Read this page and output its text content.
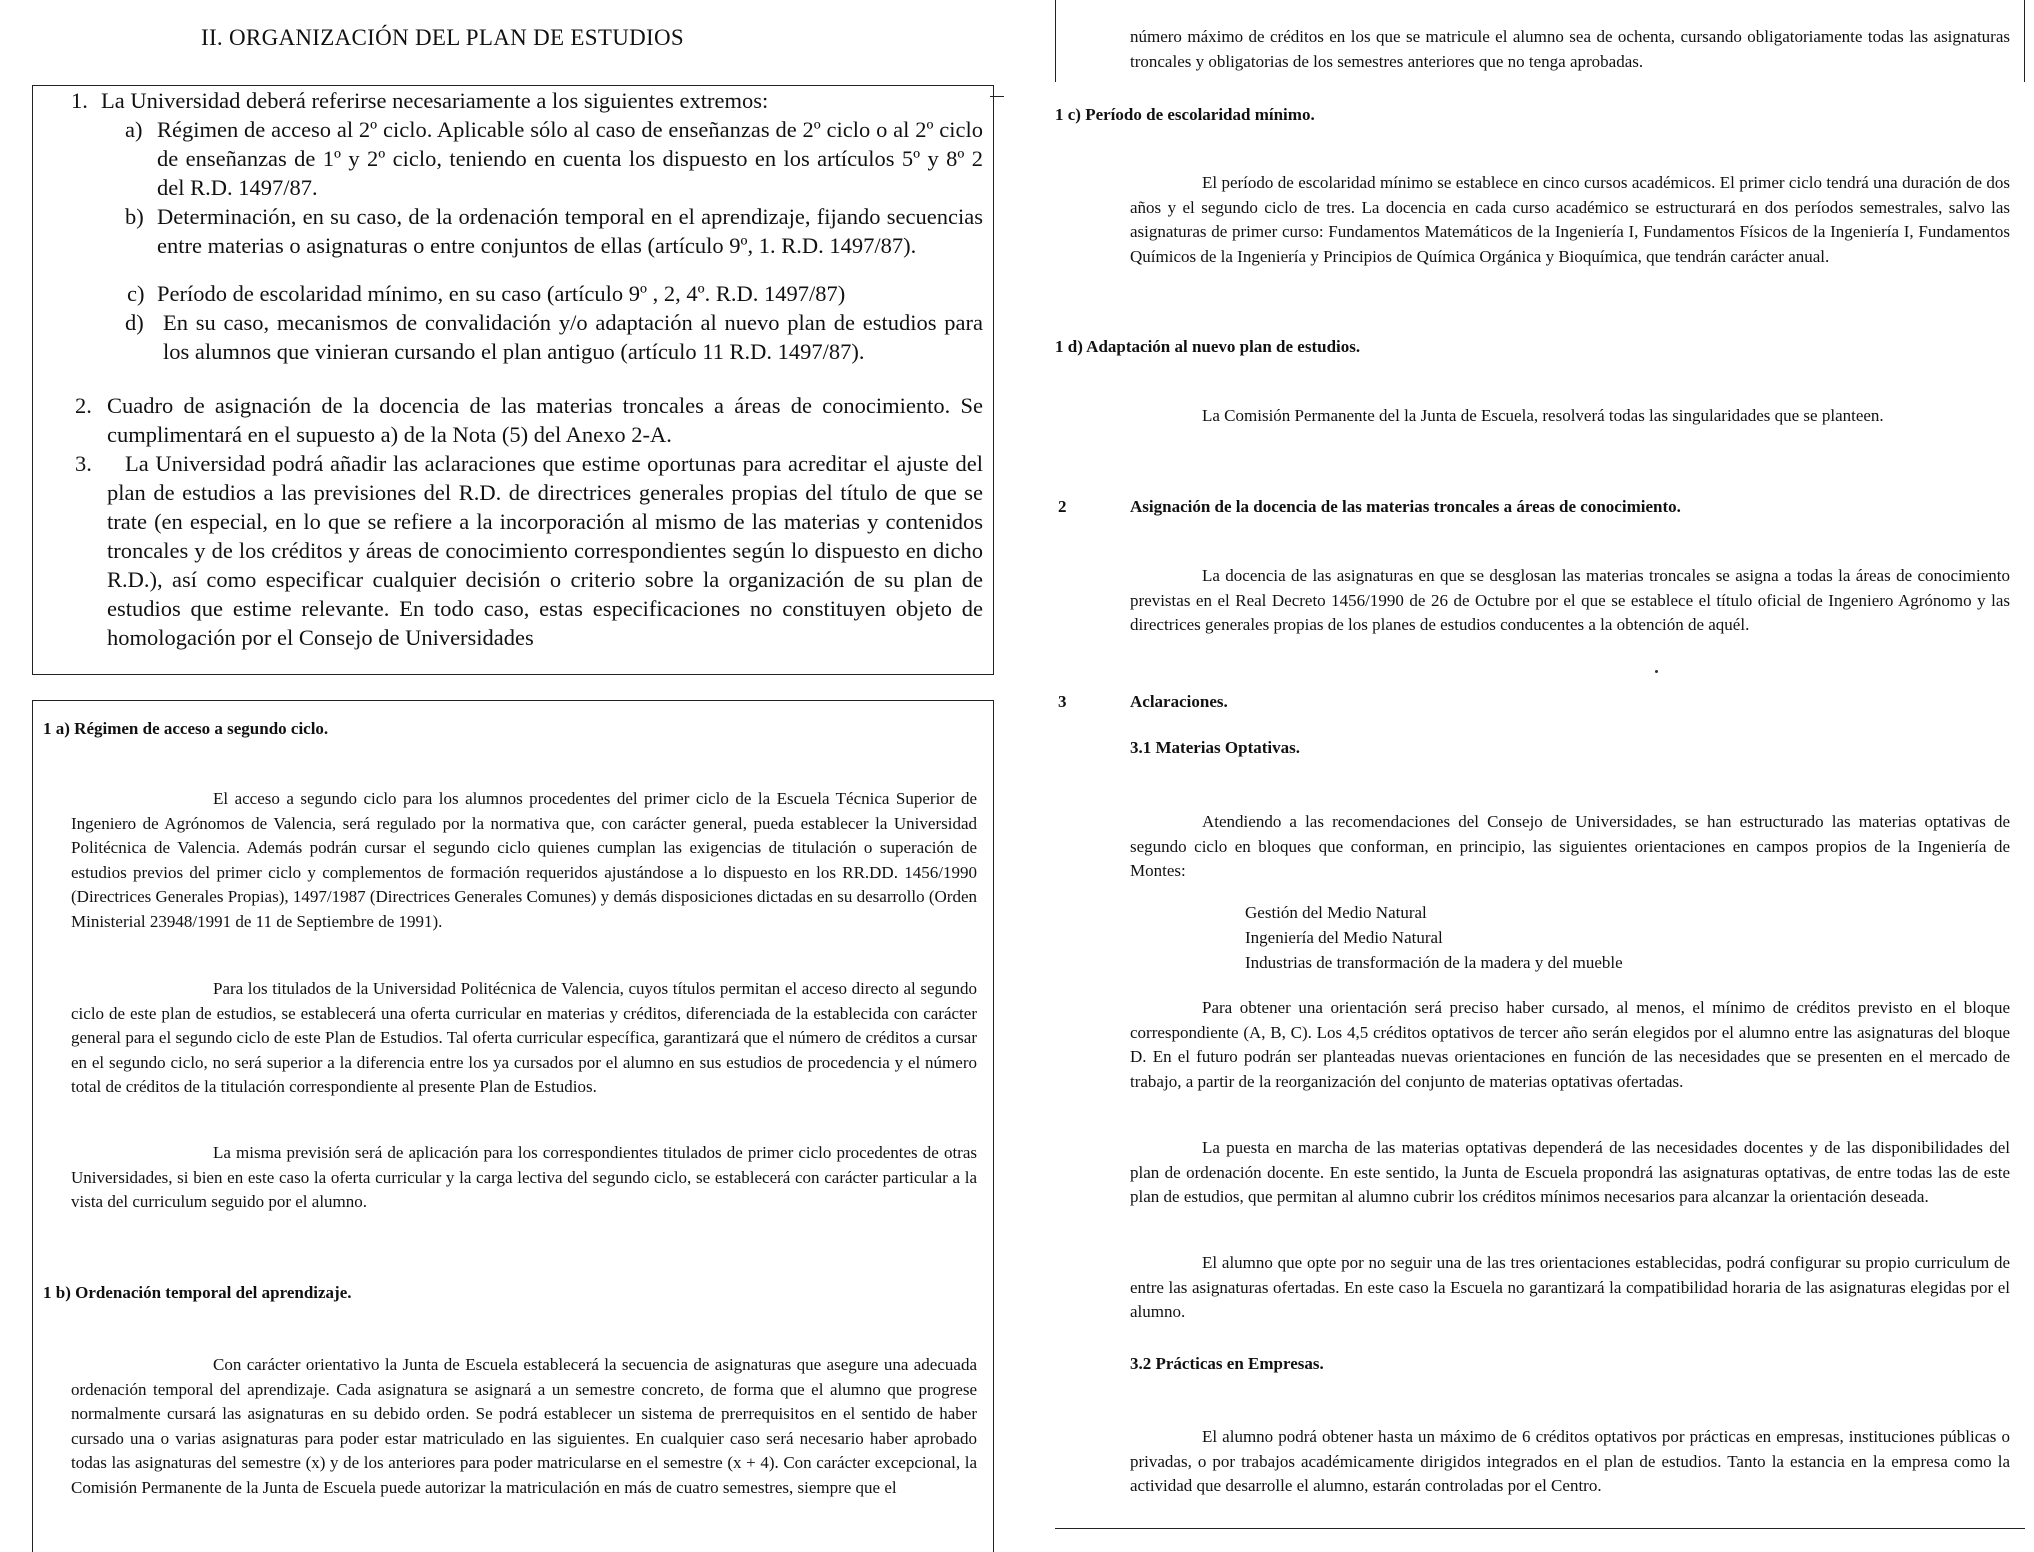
II. ORGANIZACIÓN DEL PLAN DE ESTUDIOS
1. La Universidad deberá referirse necesariamente a los siguientes extremos:
a) Régimen de acceso al 2º ciclo. Aplicable sólo al caso de enseñanzas de 2º ciclo o al 2º ciclo de enseñanzas de 1º y 2º ciclo, teniendo en cuenta los dispuesto en los artículos 5º y 8º 2 del R.D. 1497/87.
b) Determinación, en su caso, de la ordenación temporal en el aprendizaje, fijando secuencias entre materias o asignaturas o entre conjuntos de ellas (artículo 9º, 1. R.D. 1497/87).
c) Período de escolaridad mínimo, en su caso (artículo 9º , 2, 4º. R.D. 1497/87)
d) En su caso, mecanismos de convalidación y/o adaptación al nuevo plan de estudios para los alumnos que vinieran cursando el plan antiguo (artículo 11 R.D. 1497/87).
2. Cuadro de asignación de la docencia de las materias troncales a áreas de conocimiento. Se cumplimentará en el supuesto a) de la Nota (5) del Anexo 2-A.
3.	La Universidad podrá añadir las aclaraciones que estime oportunas para acreditar el ajuste del plan de estudios a las previsiones del R.D. de directrices generales propias del título de que se trate (en especial, en lo que se refiere a la incorporación al mismo de las materias y contenidos troncales y de los créditos y áreas de conocimiento correspondientes según lo dispuesto en dicho R.D.), así como especificar cualquier decisión o criterio sobre la organización de su plan de estudios que estime relevante. En todo caso, estas especificaciones no constituyen objeto de homologación por el Consejo de Universidades
1 a) Régimen de acceso a segundo ciclo.
El acceso a segundo ciclo para los alumnos procedentes del primer ciclo de la Escuela Técnica Superior de Ingeniero de Agrónomos de Valencia, será regulado por la normativa que, con carácter general, pueda establecer la Universidad Politécnica de Valencia. Además podrán cursar el segundo ciclo quienes cumplan las exigencias de titulación o superación de estudios previos del primer ciclo y complementos de formación requeridos ajustándose a lo dispuesto en los RR.DD. 1456/1990 (Directrices Generales Propias), 1497/1987 (Directrices Generales Comunes) y demás disposiciones dictadas en su desarrollo (Orden Ministerial 23948/1991 de 11 de Septiembre de 1991).
Para los titulados de la Universidad Politécnica de Valencia, cuyos títulos permitan el acceso directo al segundo ciclo de este plan de estudios, se establecerá una oferta curricular en materias y créditos, diferenciada de la establecida con carácter general para el segundo ciclo de este Plan de Estudios. Tal oferta curricular específica, garantizará que el número de créditos a cursar en el segundo ciclo, no será superior a la diferencia entre los ya cursados por el alumno en sus estudios de procedencia y el número total de créditos de la titulación correspondiente al presente Plan de Estudios.
La misma previsión será de aplicación para los correspondientes titulados de primer ciclo procedentes de otras Universidades, si bien en este caso la oferta curricular y la carga lectiva del segundo ciclo, se establecerá con carácter particular a la vista del curriculum seguido por el alumno.
1 b) Ordenación temporal del aprendizaje.
Con carácter orientativo la Junta de Escuela establecerá la secuencia de asignaturas que asegure una adecuada ordenación temporal del aprendizaje. Cada asignatura se asignará a un semestre concreto, de forma que el alumno que progrese normalmente cursará las asignaturas en su debido orden. Se podrá establecer un sistema de prerrequisitos en el sentido de haber cursado una o varias asignaturas para poder estar matriculado en las siguientes. En cualquier caso será necesario haber aprobado todas las asignaturas del semestre (x) y de los anteriores para poder matricularse en el semestre (x + 4). Con carácter excepcional, la Comisión Permanente de la Junta de Escuela puede autorizar la matriculación en más de cuatro semestres, siempre que el
número máximo de créditos en los que se matricule el alumno sea de ochenta, cursando obligatoriamente todas las asignaturas troncales y obligatorias de los semestres anteriores que no tenga aprobadas.
1 c) Período de escolaridad mínimo.
El período de escolaridad mínimo se establece en cinco cursos académicos. El primer ciclo tendrá una duración de dos años y el segundo ciclo de tres. La docencia en cada curso académico se estructurará en dos períodos semestrales, salvo las asignaturas de primer curso: Fundamentos Matemáticos de la Ingeniería I, Fundamentos Físicos de la Ingeniería I, Fundamentos Químicos de la Ingeniería y Principios de Química Orgánica y Bioquímica, que tendrán carácter anual.
1 d) Adaptación al nuevo plan de estudios.
La Comisión Permanente del la Junta de Escuela, resolverá todas las singularidades que se planteen.
2	Asignación de la docencia de las materias troncales a áreas de conocimiento.
La docencia de las asignaturas en que se desglosan las materias troncales se asigna a todas la áreas de conocimiento previstas en el Real Decreto 1456/1990 de 26 de Octubre por el que se establece el título oficial de Ingeniero Agrónomo y las directrices generales propias de los planes de estudios conducentes a la obtención de aquél.
3	Aclaraciones.
3.1 Materias Optativas.
Atendiendo a las recomendaciones del Consejo de Universidades, se han estructurado las materias optativas de segundo ciclo en bloques que conforman, en principio, las siguientes orientaciones en campos propios de la Ingeniería de Montes:
Gestión del Medio Natural
Ingeniería del Medio Natural
Industrias de transformación de la madera y del mueble
Para obtener una orientación será preciso haber cursado, al menos, el mínimo de créditos previsto en el bloque correspondiente (A, B, C). Los 4,5 créditos optativos de tercer año serán elegidos por el alumno entre las asignaturas del bloque D. En el futuro podrán ser planteadas nuevas orientaciones en función de las necesidades que se presenten en el mercado de trabajo, a partir de la reorganización del conjunto de materias optativas ofertadas.
La puesta en marcha de las materias optativas dependerá de las necesidades docentes y de las disponibilidades del plan de ordenación docente. En este sentido, la Junta de Escuela propondrá las asignaturas optativas, de entre todas las de este plan de estudios, que permitan al alumno cubrir los créditos mínimos necesarios para alcanzar la orientación deseada.
El alumno que opte por no seguir una de las tres orientaciones establecidas, podrá configurar su propio curriculum de entre las asignaturas ofertadas. En este caso la Escuela no garantizará la compatibilidad horaria de las asignaturas elegidas por el alumno.
3.2 Prácticas en Empresas.
El alumno podrá obtener hasta un máximo de 6 créditos optativos por prácticas en empresas, instituciones públicas o privadas, o por trabajos académicamente dirigidos integrados en el plan de estudios. Tanto la estancia en la empresa como la actividad que desarrolle el alumno, estarán controladas por el Centro.
